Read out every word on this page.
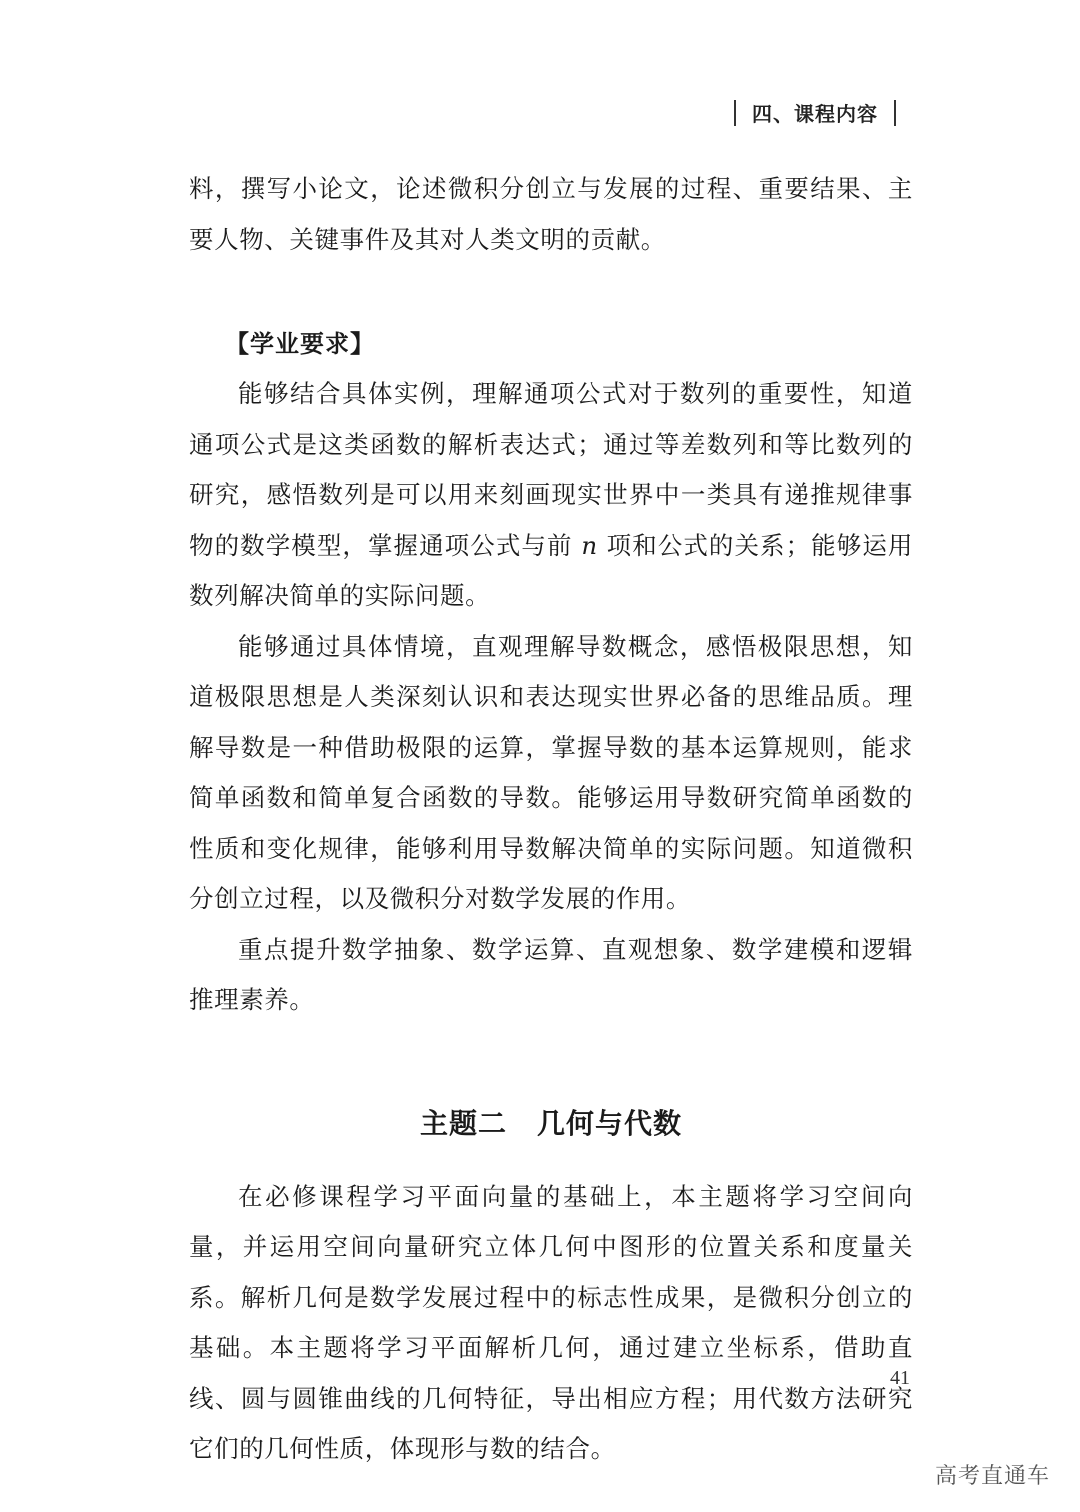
四、课程内容

料，撰写小论文，论述微积分创立与发展的过程、重要结果、主要人物、关键事件及其对人类文明的贡献。

【学业要求】

能够结合具体实例，理解通项公式对于数列的重要性，知道通项公式是这类函数的解析表达式；通过等差数列和等比数列的研究，感悟数列是可以用来刻画现实世界中一类具有递推规律事物的数学模型，掌握通项公式与前 n 项和公式的关系；能够运用数列解决简单的实际问题。

能够通过具体情境，直观理解导数概念，感悟极限思想，知道极限思想是人类深刻认识和表达现实世界必备的思维品质。理解导数是一种借助极限的运算，掌握导数的基本运算规则，能求简单函数和简单复合函数的导数。能够运用导数研究简单函数的性质和变化规律，能够利用导数解决简单的实际问题。知道微积分创立过程，以及微积分对数学发展的作用。

重点提升数学抽象、数学运算、直观想象、数学建模和逻辑推理素养。

主题二 几何与代数

在必修课程学习平面向量的基础上，本主题将学习空间向量，并运用空间向量研究立体几何中图形的位置关系和度量关系。解析几何是数学发展过程中的标志性成果，是微积分创立的基础。本主题将学习平面解析几何，通过建立坐标系，借助直线、圆与圆锥曲线的几何特征，导出相应方程；用代数方法研究它们的几何性质，体现形与数的结合。

41
高考直通车
